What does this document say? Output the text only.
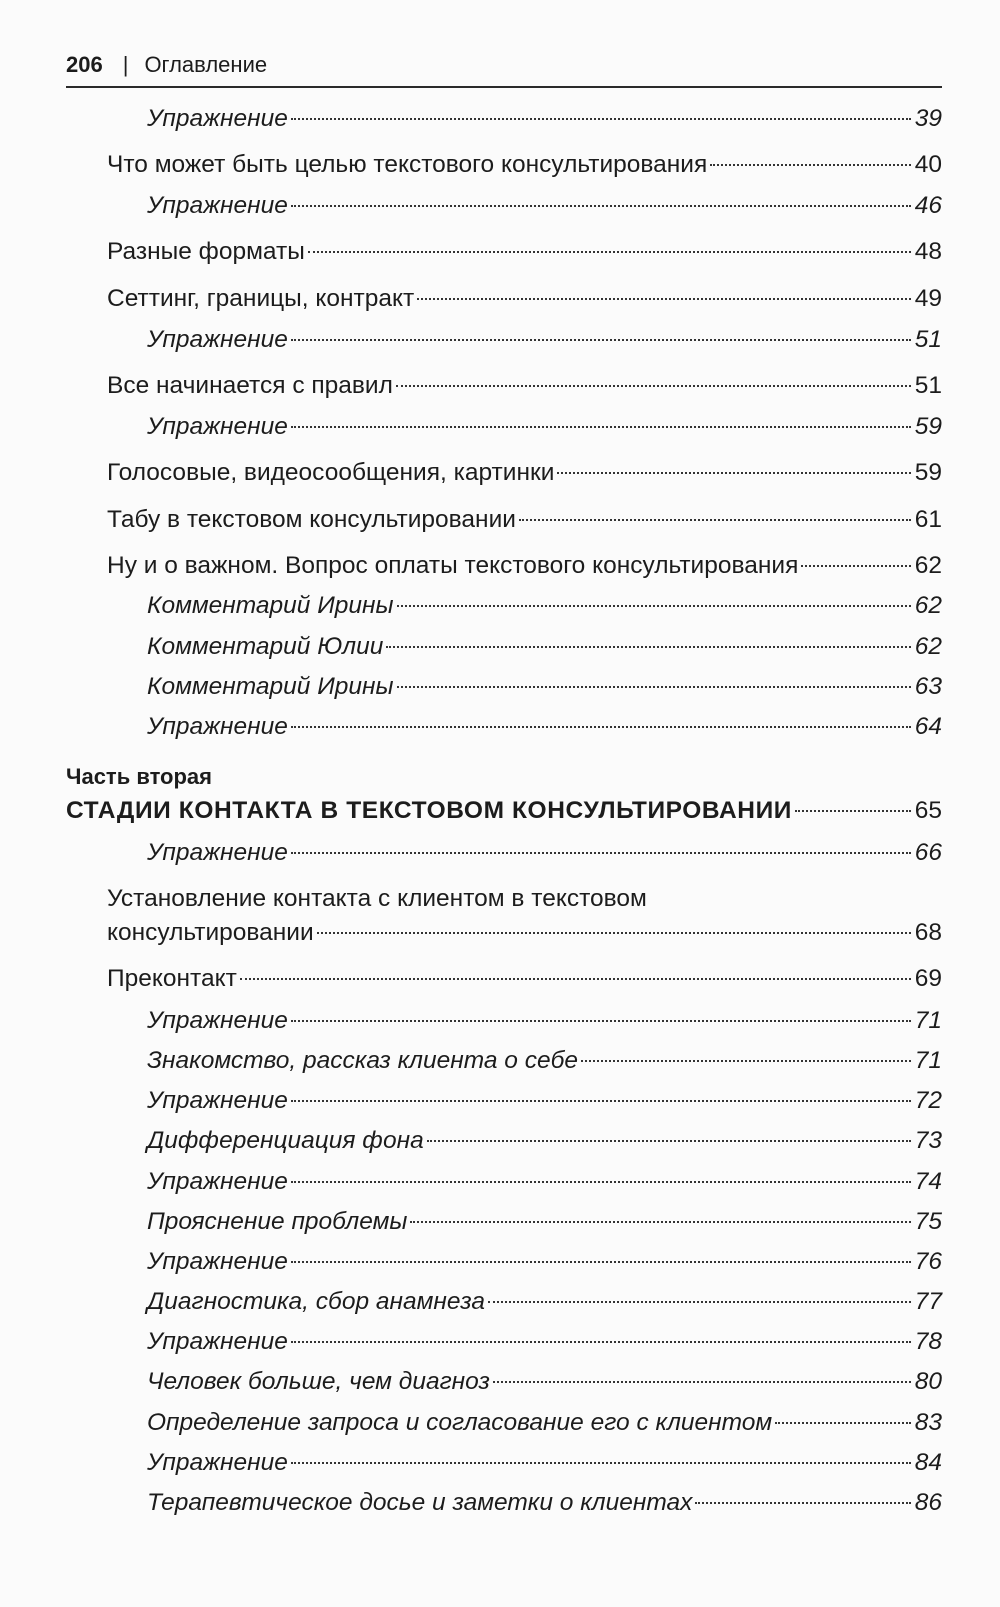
206 | Оглавление
Упражнение	39
Что может быть целью текстового консультирования	40
Упражнение	46
Разные форматы	48
Сеттинг, границы, контракт	49
Упражнение	51
Все начинается с правил	51
Упражнение	59
Голосовые, видеосообщения, картинки	59
Табу в текстовом консультировании	61
Ну и о важном. Вопрос оплаты текстового консультирования	62
Комментарий Ирины	62
Комментарий Юлии	62
Комментарий Ирины	63
Упражнение	64
Часть вторая
СТАДИИ КОНТАКТА В ТЕКСТОВОМ КОНСУЛЬТИРОВАНИИ	65
Упражнение	66
Установление контакта с клиентом в текстовом
консультировании	68
Преконтакт	69
Упражнение	71
Знакомство, рассказ клиента о себе	71
Упражнение	72
Дифференциация фона	73
Упражнение	74
Прояснение проблемы	75
Упражнение	76
Диагностика, сбор анамнеза	77
Упражнение	78
Человек больше, чем диагноз	80
Определение запроса и согласование его с клиентом	83
Упражнение	84
Терапевтическое досье и заметки о клиентах	86
